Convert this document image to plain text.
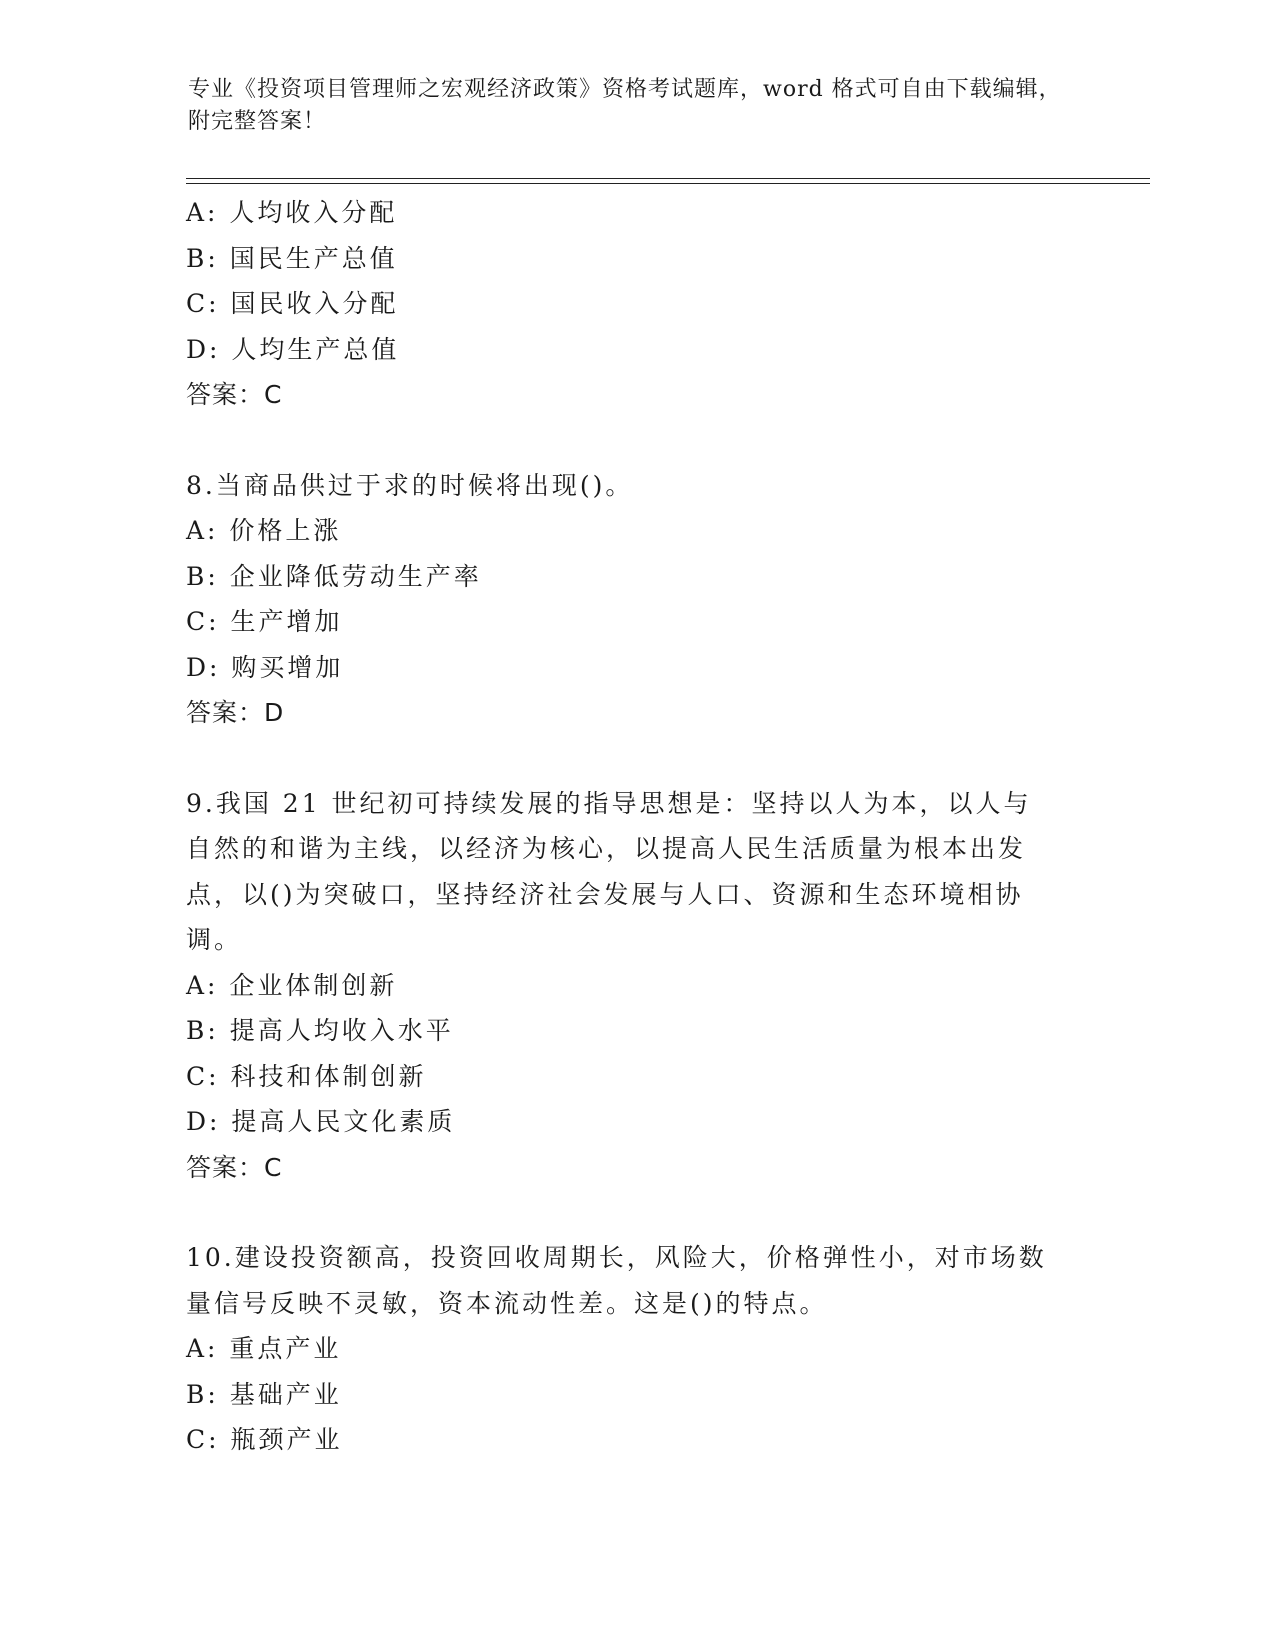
专业《投资项目管理师之宏观经济政策》资格考试题库，word 格式可自由下载编辑，附完整答案！
A: 人均收入分配
B: 国民生产总值
C: 国民收入分配
D: 人均生产总值
答案：C
8.当商品供过于求的时候将出现()。
A: 价格上涨
B: 企业降低劳动生产率
C: 生产增加
D: 购买增加
答案：D
9.我国 21 世纪初可持续发展的指导思想是：坚持以人为本，以人与自然的和谐为主线，以经济为核心，以提高人民生活质量为根本出发点，以()为突破口，坚持经济社会发展与人口、资源和生态环境相协调。
A: 企业体制创新
B: 提高人均收入水平
C: 科技和体制创新
D: 提高人民文化素质
答案：C
10.建设投资额高，投资回收周期长，风险大，价格弹性小，对市场数量信号反映不灵敏，资本流动性差。这是()的特点。
A: 重点产业
B: 基础产业
C: 瓶颈产业
